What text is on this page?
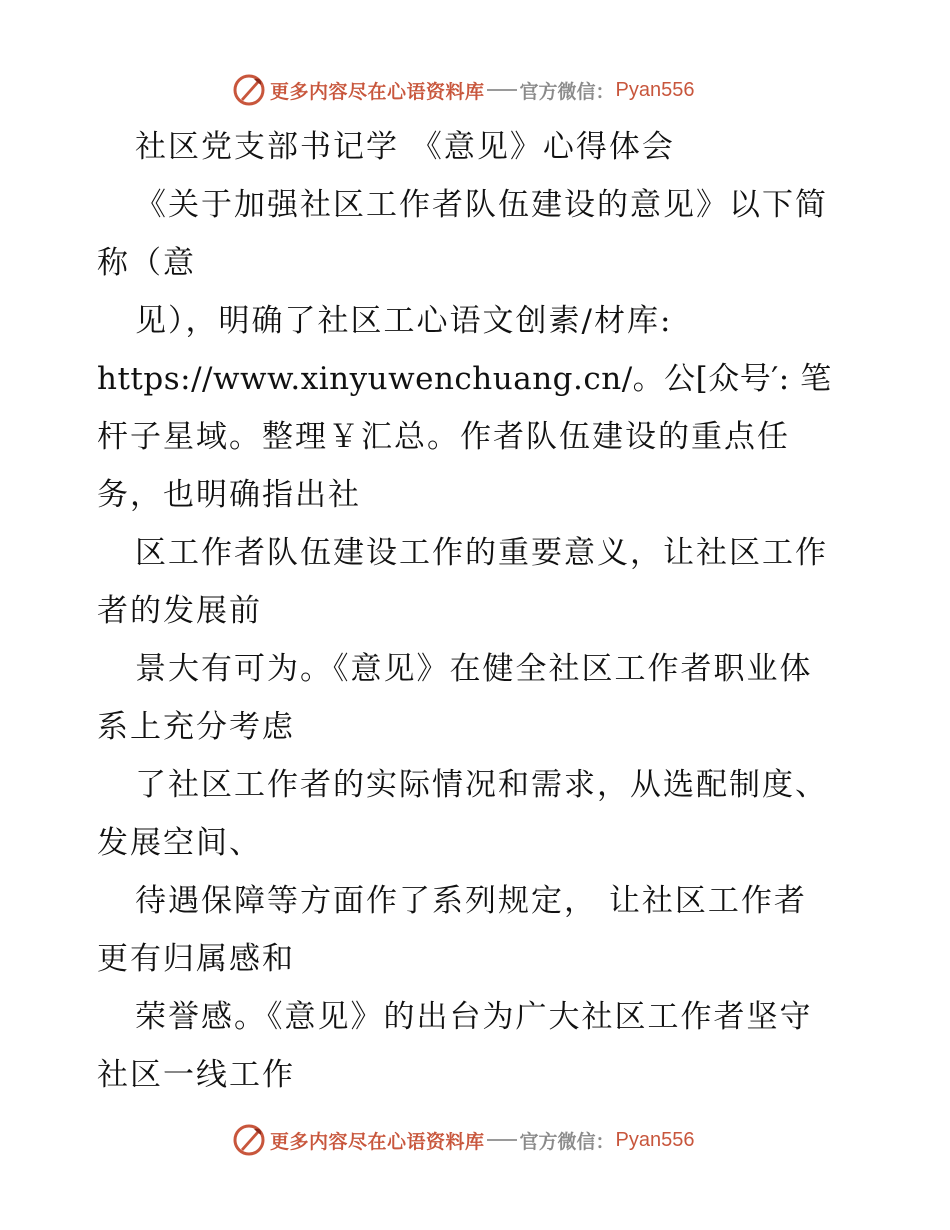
更多内容尽在心语资料库 官方微信： Pyan556
社区党支部书记学 《意见》心得体会
《关于加强社区工作者队伍建设的意见》以下简
称（意
见），明确了社区工心语文创素/材库:
https://www.xinyuwenchuang.cn/。公[众号′: 笔
杆子星域。整理￥汇总。作者队伍建设的重点任
务，也明确指出社
区工作者队伍建设工作的重要意义，让社区工作
者的发展前
景大有可为。《意见》在健全社区工作者职业体
系上充分考虑
了社区工作者的实际情况和需求，从选配制度、
发展空间、
待遇保障等方面作了系列规定， 让社区工作者
更有归属感和
荣誉感。《意见》的出台为广大社区工作者坚守
社区一线工作
更多内容尽在心语资料库 官方微信： Pyan556
